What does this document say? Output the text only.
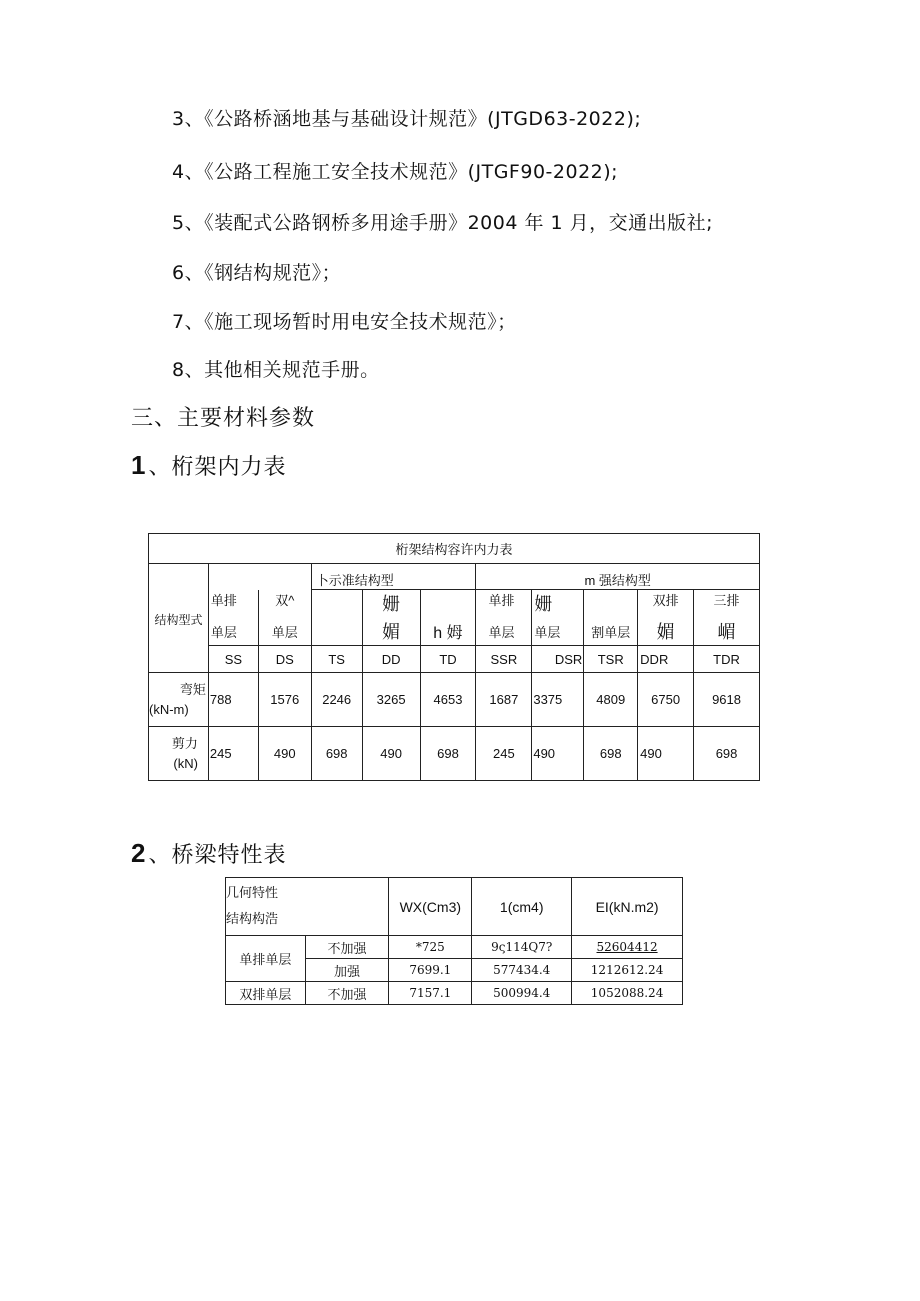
3、《公路桥涵地基与基础设计规范》(JTGD63-2022);
4、《公路工程施工安全技术规范》(JTGF90-2022);
5、《装配式公路钢桥多用途手册》2004 年 1 月，交通出版社;
6、《钢结构规范》；
7、《施工现场暂时用电安全技术规范》；
8、其他相关规范手册。
三、主要材料参数
1、桁架内力表
桁架结构容许内力表										
结构型式			卜示准结构型			m 强结构型				
	单排	双^		姗		单排	姗		双排	三排
	单层	单层		媚	h 姆	单层	单层	割单层	媚	嵋
	SS	DS	TS	DD	TD	SSR	DSR	TSR	DDR	TDR

弯矩
(kN-m)	788	1576	2246	3265	4653	1687	3375	4809	6750	9618

剪力
(kN)	245	490	698	490	698	245	490	698	490	698
2、桥梁特性表
几何特性
结构构浩		WX(Cm3)	1(cm4)	EI(kN.m2)
单排单层	不加强	*725	9ς114Q7?	52604412
	加强	7699.1	577434.4	1212612.24
双排单层	不加强	7157.1	500994.4	1052088.24
